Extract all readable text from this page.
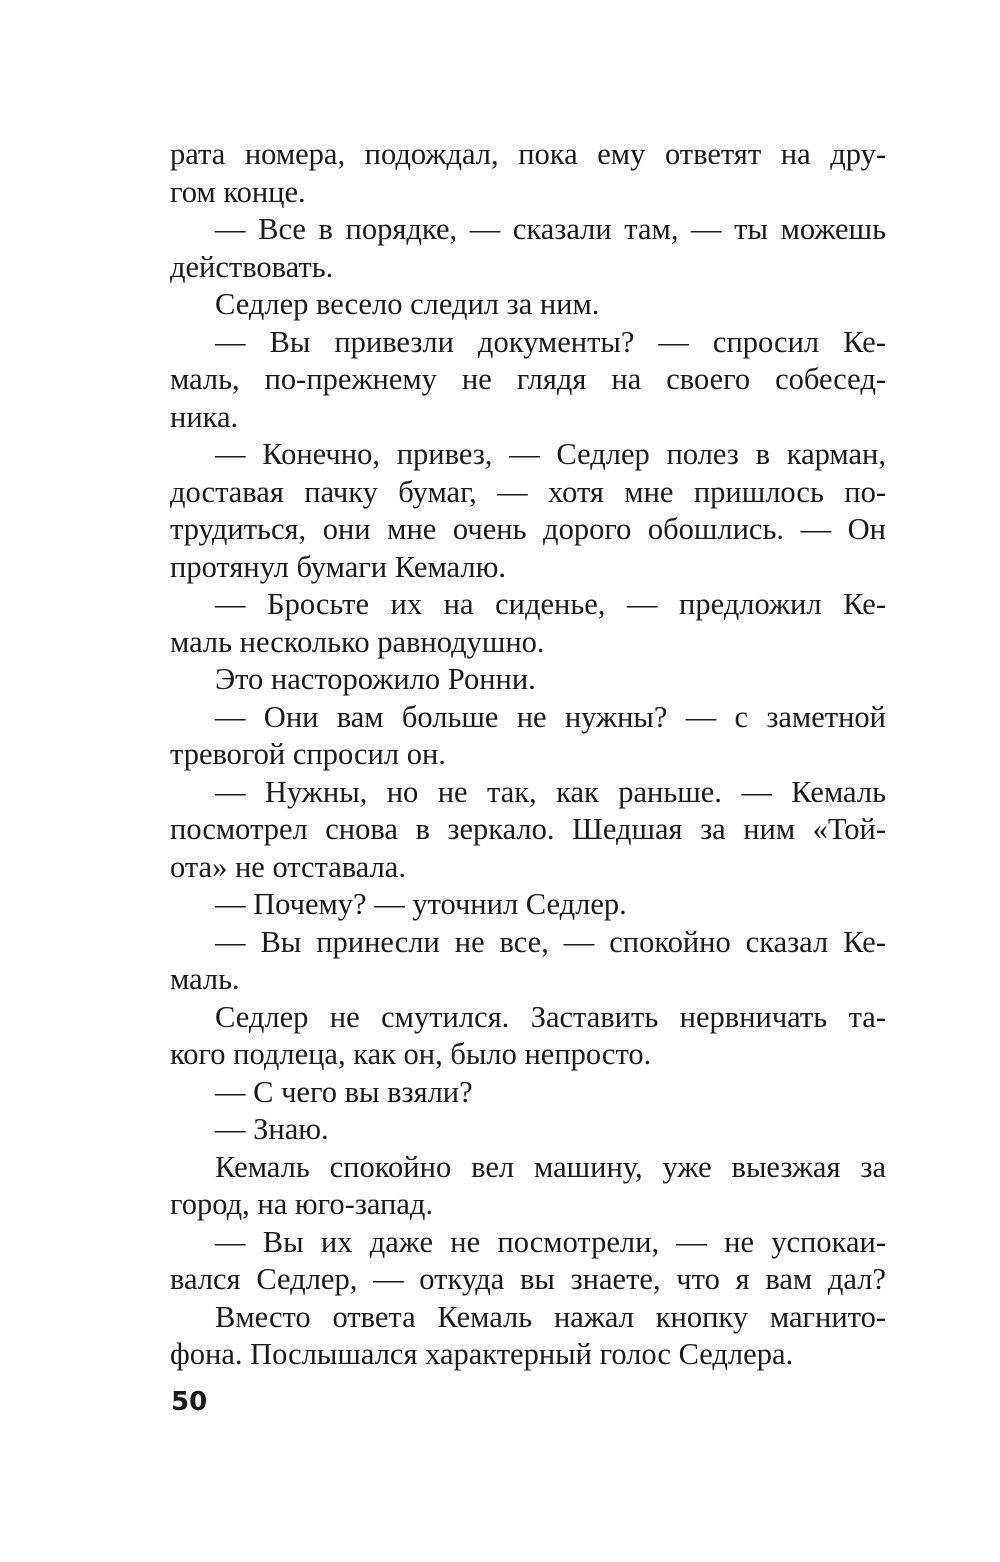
рата номера, подождал, пока ему ответят на дру-
гом конце.
— Все в порядке, — сказали там, — ты можешь
действовать.
Седлер весело следил за ним.
— Вы привезли документы? — спросил Ке-
маль, по-прежнему не глядя на своего собесед-
ника.
— Конечно, привез, — Седлер полез в карман,
доставая пачку бумаг, — хотя мне пришлось по-
трудиться, они мне очень дорого обошлись. — Он
протянул бумаги Кемалю.
— Бросьте их на сиденье, — предложил Ке-
маль несколько равнодушно.
Это насторожило Ронни.
— Они вам больше не нужны? — с заметной
тревогой спросил он.
— Нужны, но не так, как раньше. — Кемаль
посмотрел снова в зеркало. Шедшая за ним «Той-
ота» не отставала.
— Почему? — уточнил Седлер.
— Вы принесли не все, — спокойно сказал Ке-
маль.
Седлер не смутился. Заставить нервничать та-
кого подлеца, как он, было непросто.
— С чего вы взяли?
— Знаю.
Кемаль спокойно вел машину, уже выезжая за
город, на юго-запад.
— Вы их даже не посмотрели, — не успокаи-
вался Седлер, — откуда вы знаете, что я вам дал?
Вместо ответа Кемаль нажал кнопку магнито-
фона. Послышался характерный голос Седлера.
50
